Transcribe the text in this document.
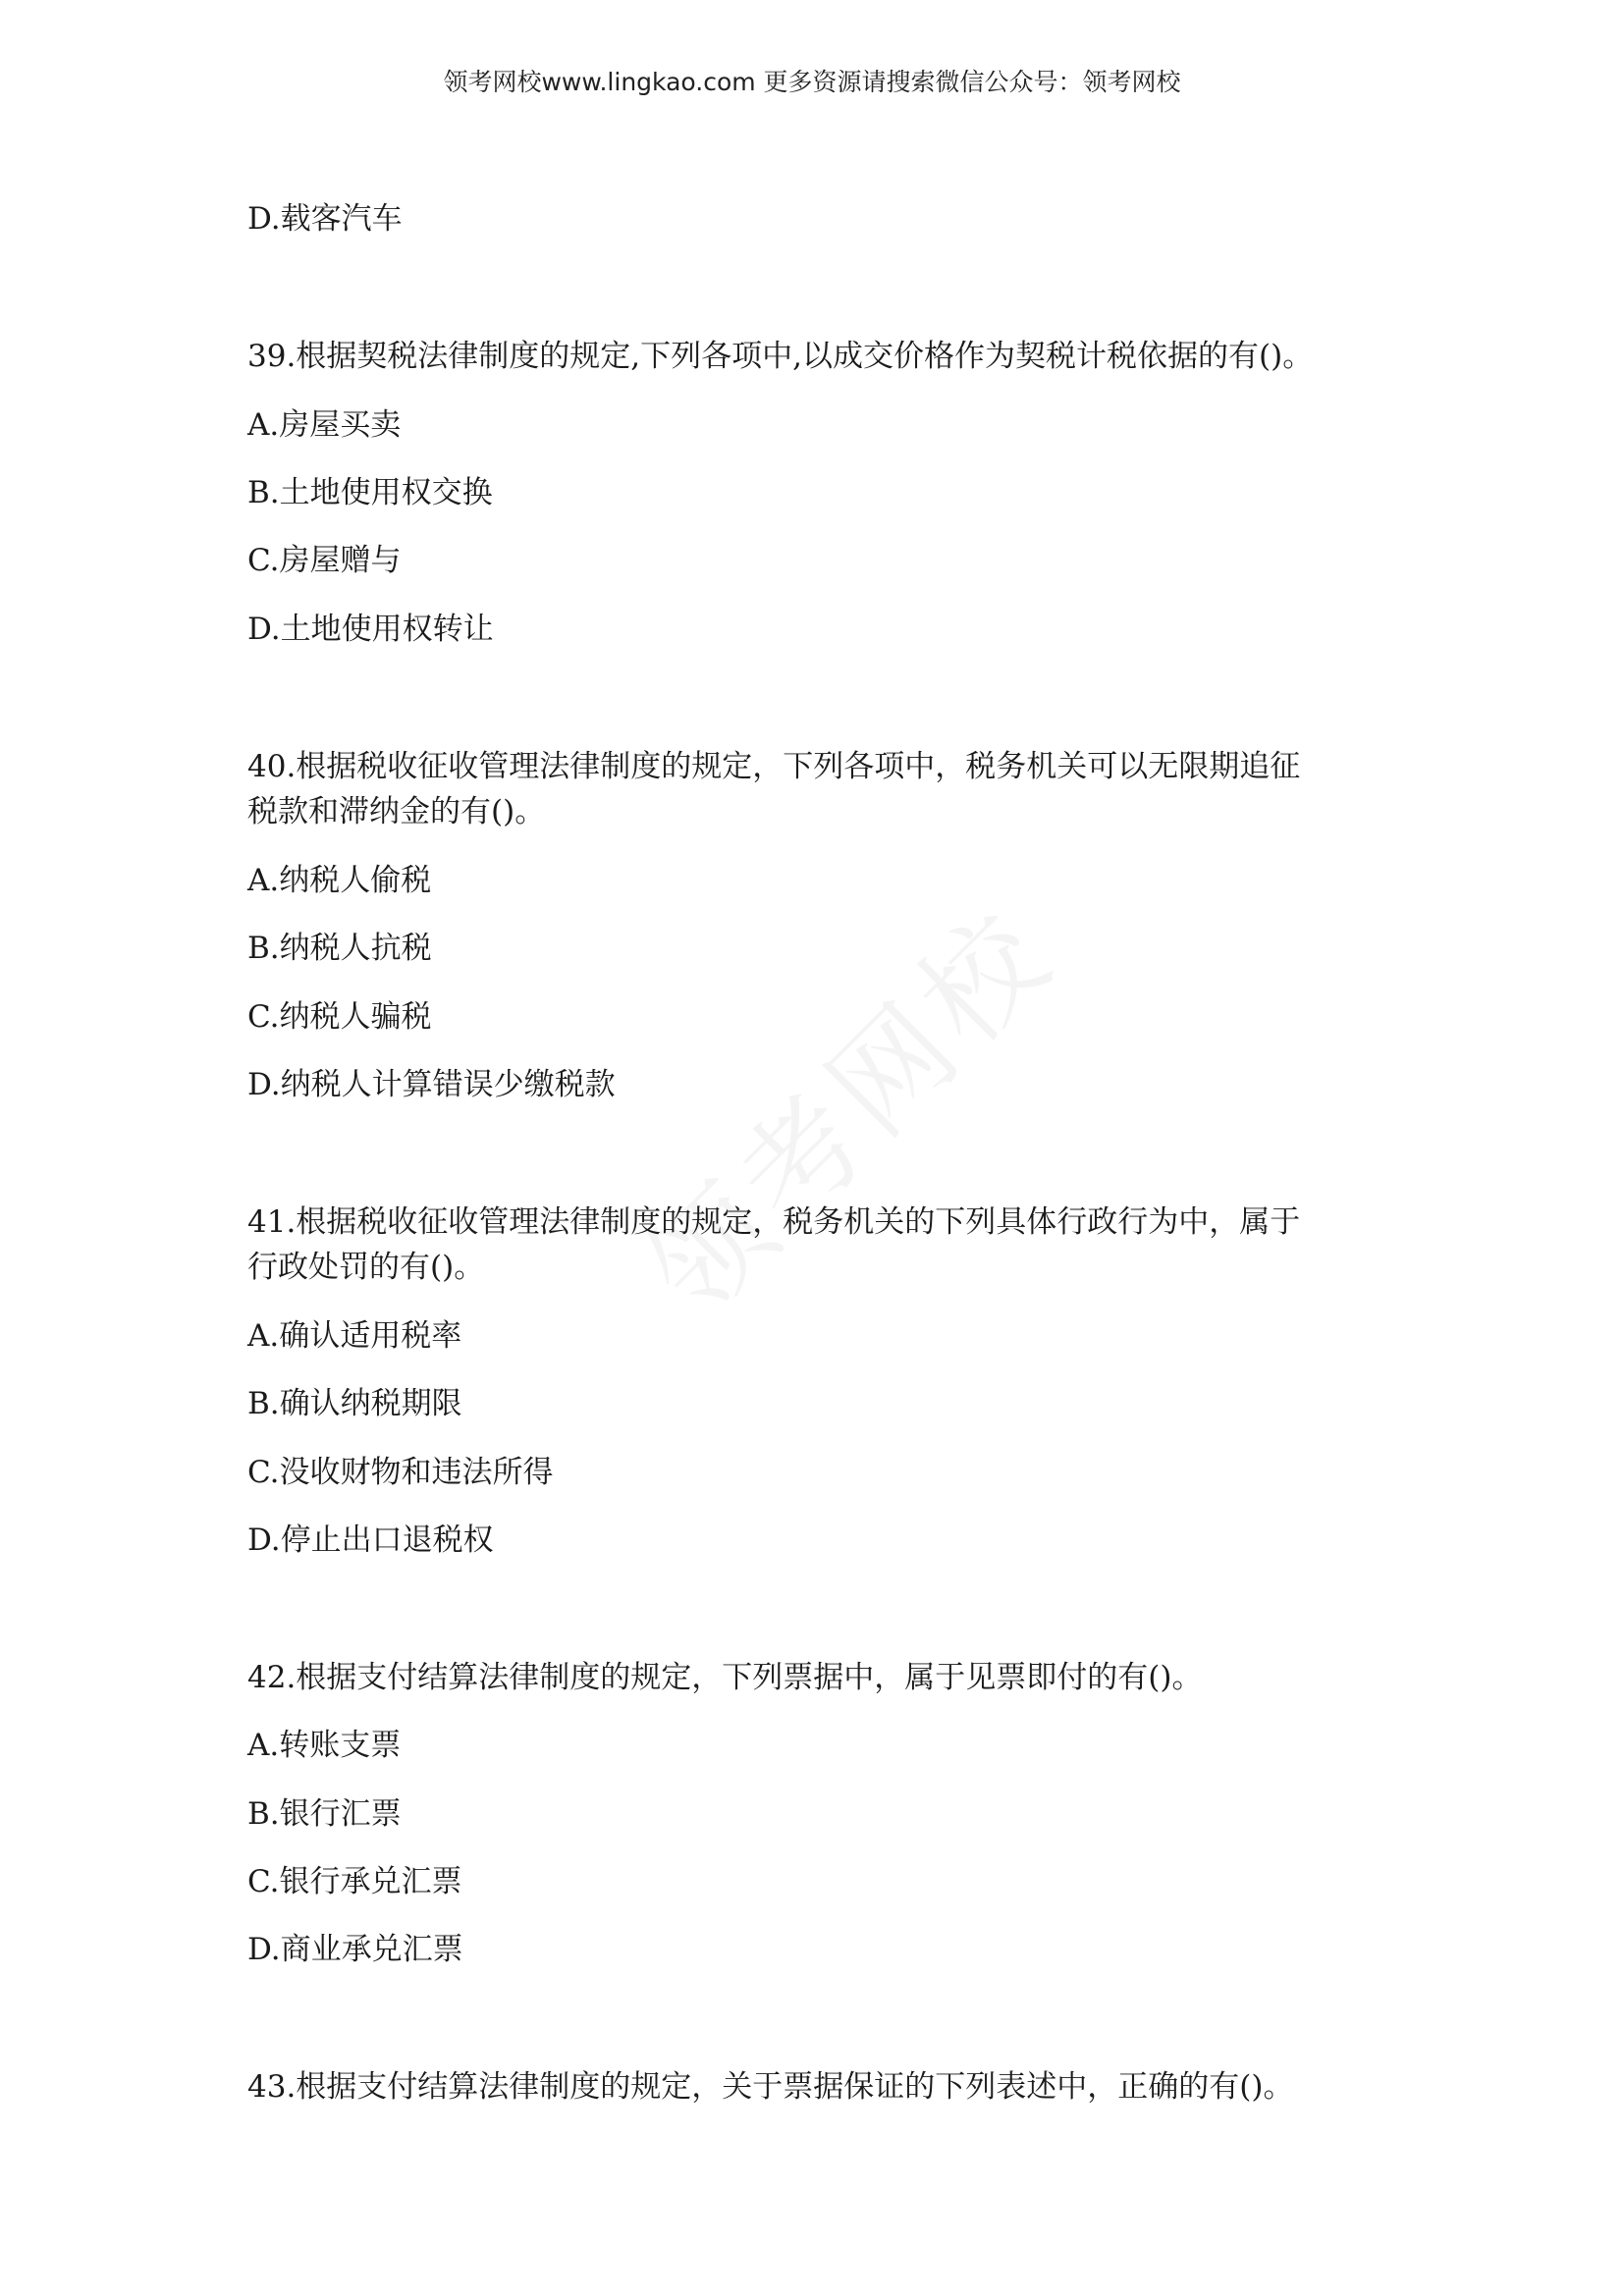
领考网校www.lingkao.com 更多资源请搜索微信公众号：领考网校
D.载客汽车
39.根据契税法律制度的规定,下列各项中,以成交价格作为契税计税依据的有()。
A.房屋买卖
B.土地使用权交换
C.房屋赠与
D.土地使用权转让
40.根据税收征收管理法律制度的规定，下列各项中，税务机关可以无限期追征
税款和滞纳金的有()。
A.纳税人偷税
B.纳税人抗税
C.纳税人骗税
D.纳税人计算错误少缴税款
41.根据税收征收管理法律制度的规定，税务机关的下列具体行政行为中，属于
行政处罚的有()。
A.确认适用税率
B.确认纳税期限
C.没收财物和违法所得
D.停止出口退税权
42.根据支付结算法律制度的规定，下列票据中，属于见票即付的有()。
A.转账支票
B.银行汇票
C.银行承兑汇票
D.商业承兑汇票
43.根据支付结算法律制度的规定，关于票据保证的下列表述中，正确的有()。
